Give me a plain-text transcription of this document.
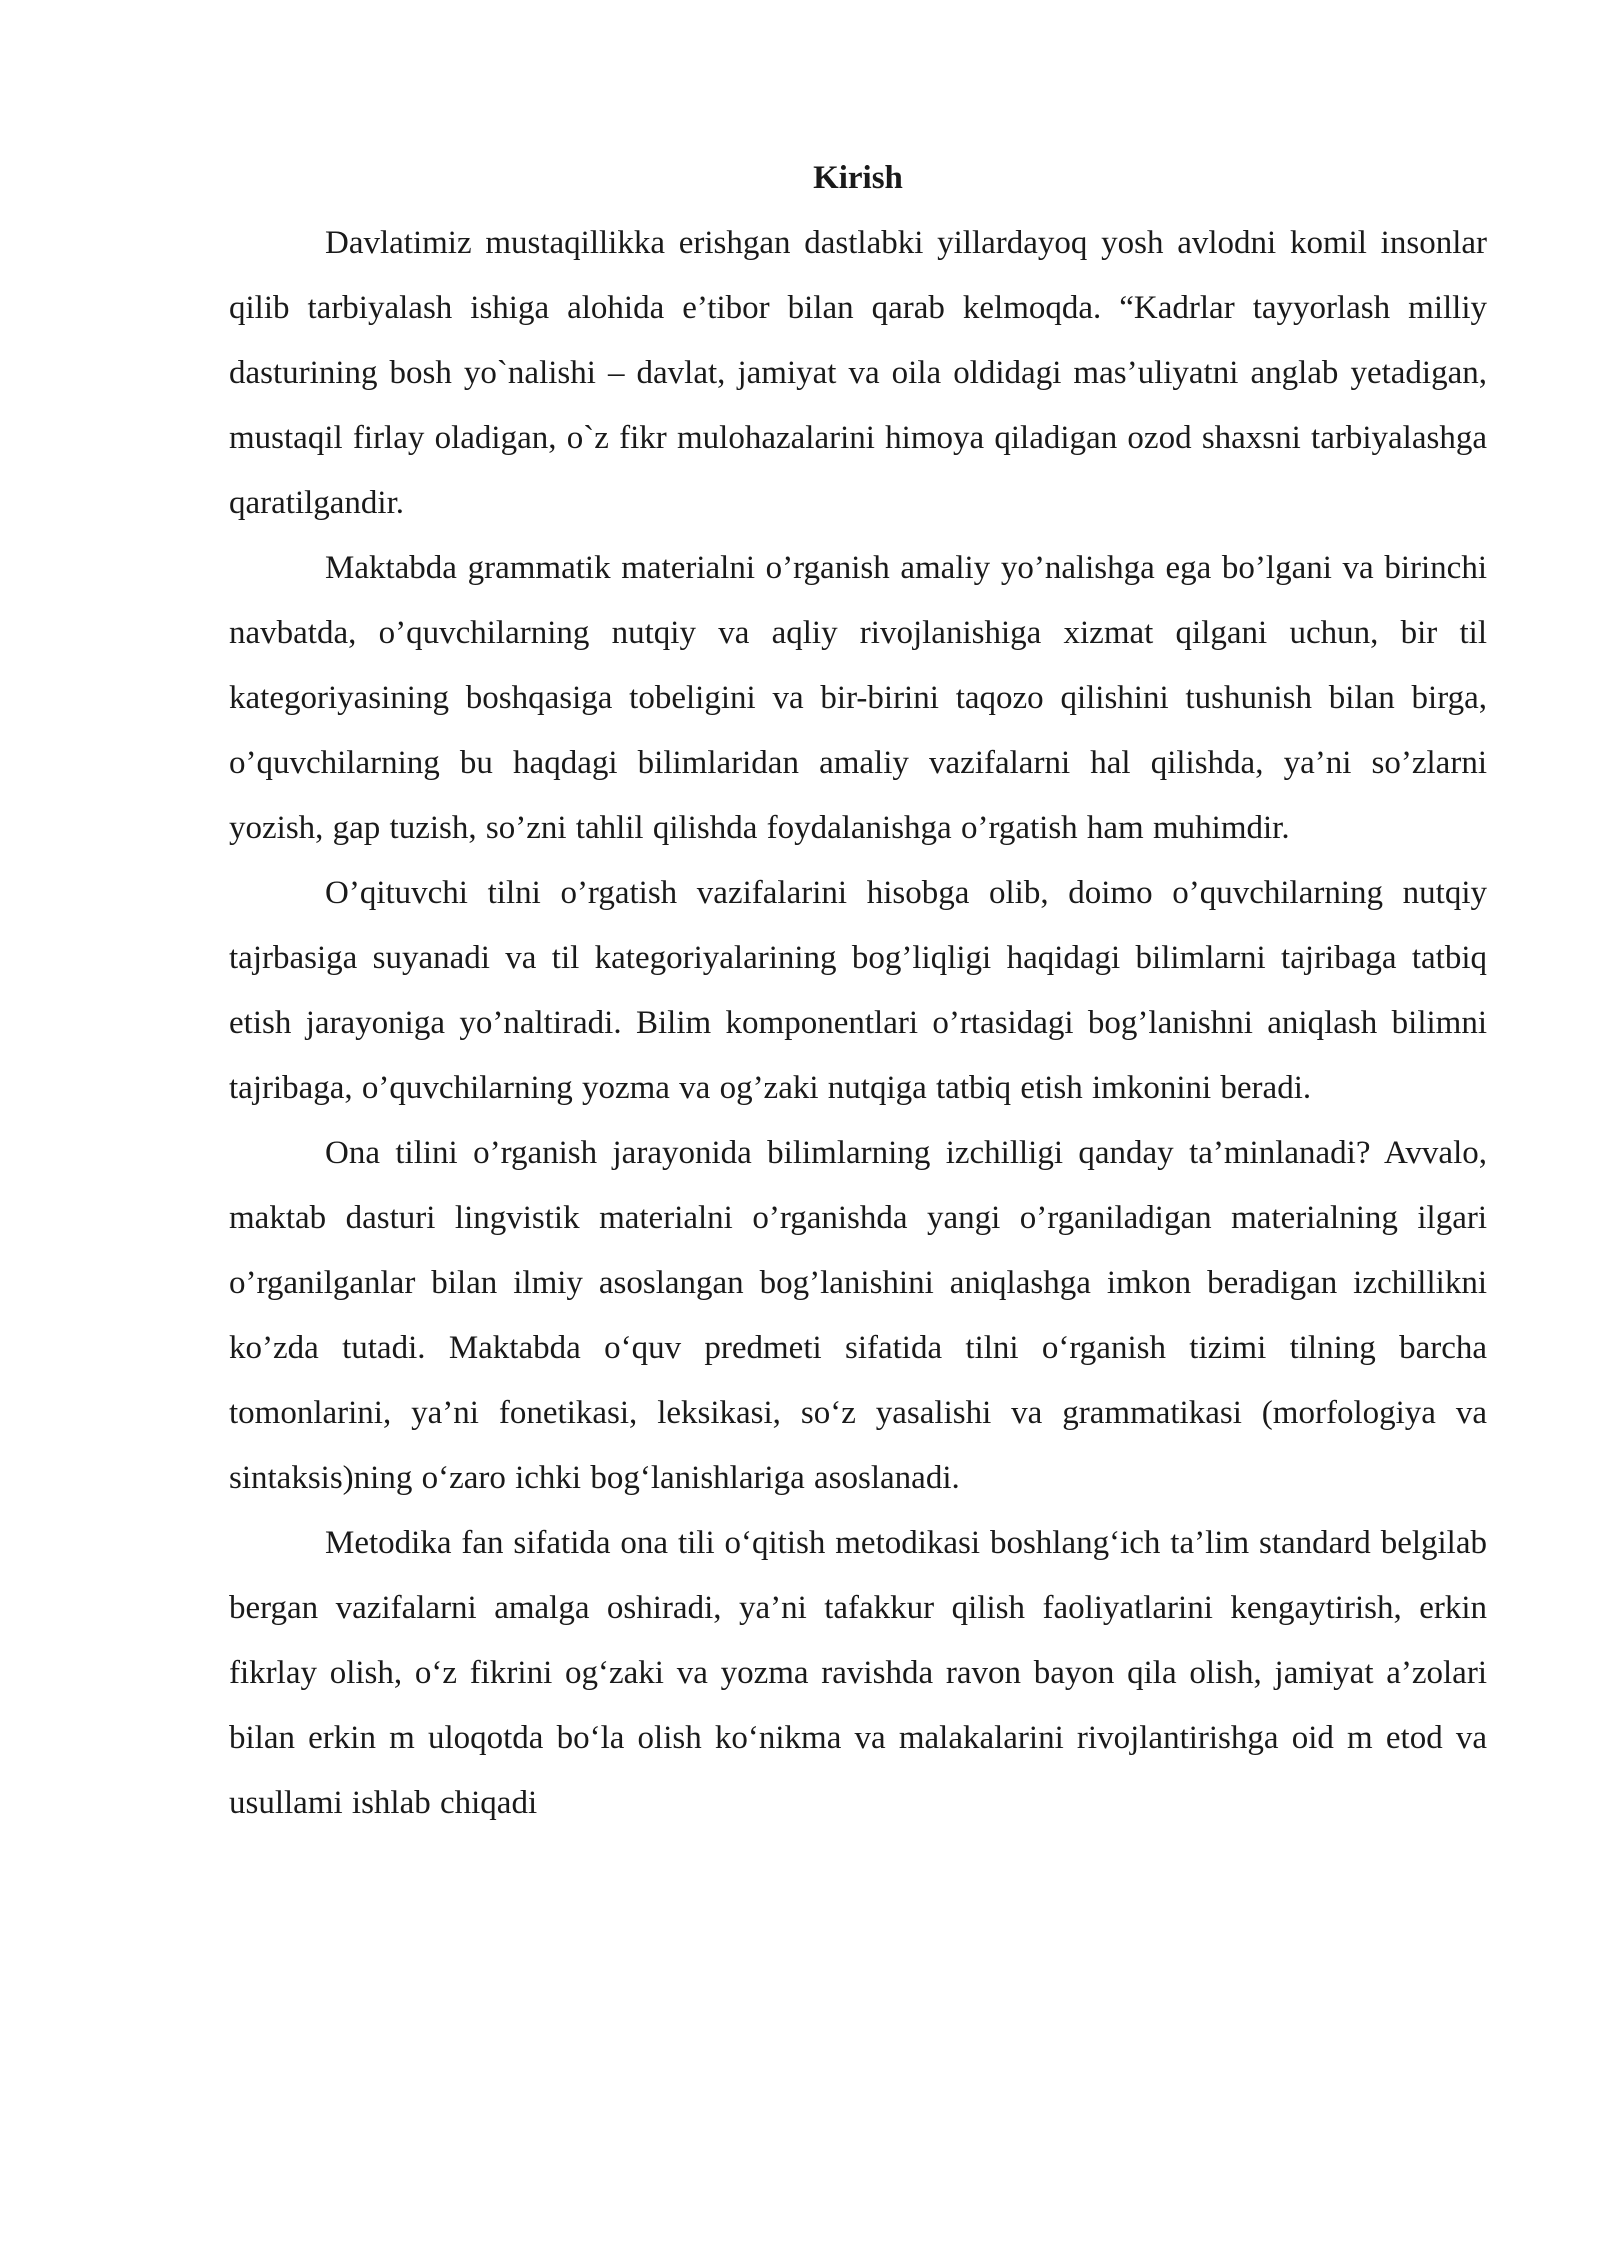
Kirish

Davlatimiz mustaqillikka erishgan dastlabki yillardayoq yosh avlodni komil insonlar qilib tarbiyalash ishiga alohida e’tibor bilan qarab kelmoqda. “Kadrlar tayyorlash milliy dasturining bosh yo`nalishi – davlat, jamiyat va oila oldidagi mas’uliyatni anglab yetadigan, mustaqil firlay oladigan, o`z fikr mulohazalarini himoya qiladigan ozod shaxsni tarbiyalashga qaratilgandir.

Maktabda grammatik materialni o’rganish amaliy yo’nalishga ega bo’lgani va birinchi navbatda, o’quvchilarning nutqiy va aqliy rivojlanishiga xizmat qilgani uchun, bir til kategoriyasining boshqasiga tobeligini va bir-birini taqozo qilishini tushunish bilan birga, o’quvchilarning bu haqdagi bilimlaridan amaliy vazifalarni hal qilishda, ya’ni so’zlarni yozish, gap tuzish, so’zni tahlil qilishda foydalanishga o’rgatish ham muhimdir.

O’qituvchi tilni o’rgatish vazifalarini hisobga olib, doimo o’quvchilarning nutqiy tajrbasiga suyanadi va til kategoriyalarining bog’liqligi haqidagi bilimlarni tajribaga tatbiq etish jarayoniga yo’naltiradi. Bilim komponentlari o’rtasidagi bog’lanishni aniqlash bilimni tajribaga, o’quvchilarning yozma va og’zaki nutqiga tatbiq etish imkonini beradi.

Ona tilini o’rganish jarayonida bilimlarning izchilligi qanday ta’minlanadi? Avvalo, maktab dasturi lingvistik materialni o’rganishda yangi o’rganiladigan materialning ilgari o’rganilganlar bilan ilmiy asoslangan bog’lanishini aniqlashga imkon beradigan izchillikni ko’zda tutadi. Maktabda o‘quv predmeti sifatida tilni o‘rganish tizimi tilning barcha tomonlarini, ya’ni fonetikasi, leksikasi, so‘z yasalishi va grammatikasi (morfologiya va sintaksis)ning o‘zaro ichki bog‘lanishlariga asoslanadi.

Metodika fan sifatida ona tili o‘qitish metodikasi boshlang‘ich ta’lim standard belgilab bergan vazifalarni amalga oshiradi, ya’ni tafakkur qilish faoliyatlarini kengaytirish, erkin fikrlay olish, o‘z fikrini og‘zaki va yozma ravishda ravon bayon qila olish, jamiyat a’zolari bilan erkin m uloqotda bo‘la olish ko‘nikma va malakalarini rivojlantirishga oid m etod va usullami ishlab chiqadi
